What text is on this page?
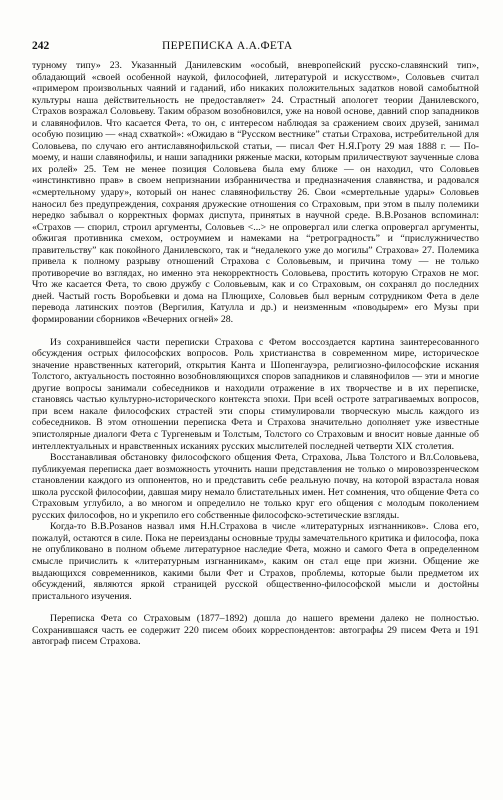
242	ПЕРЕПИСКА А.А.ФЕТА

турному типу» 23. Указанный Данилевским «особый, вневропейский русско-славянский тип», обладающий «своей особенной наукой, философией, литературой и искусством», Соловьев считал «примером произвольных чаяний и гаданий, ибо никаких положительных задатков новой самобытной культуры наша действительность не предоставляет» 24. Страстный апологет теории Данилевского, Страхов возражал Соловьеву. Таким образом возобновился, уже на новой основе, давний спор западников и славянофилов. Что касается Фета, то он, с интересом наблюдая за сражением своих друзей, занимал особую позицию — «над схваткой»: «Ожидаю в “Русском вестнике” статьи Страхова, истребительной для Соловьева, по случаю его антиславянофильской статьи, — писал Фет Н.Я.Гроту 29 мая 1888 г. — По-моему, и наши славянофилы, и наши западники ряженые маски, которым приличествуют заученные слова их ролей» 25. Тем не менее позиция Соловьева была ему ближе — он находил, что Соловьев «инстинктивно прав» в своем непризнании избранничества и предназначения славянства, и радовался «смертельному удару», который он нанес славянофильству 26. Свои «смертельные удары» Соловьев наносил без предупреждения, сохраняя дружеские отношения со Страховым, при этом в пылу полемики нередко забывал о корректных формах диспута, принятых в научной среде. В.В.Розанов вспоминал: «Страхов — спорил, строил аргументы, Соловьев <...> не опровергал или слегка опровергал аргументы, обжигая противника смехом, остроумием и намеками на “ретроградность” и “прислужничество правительству” как покойного Данилевского, так и “недалекого уже до могилы” Страхова» 27. Полемика привела к полному разрыву отношений Страхова с Соловьевым, и причина тому — не только противоречие во взглядах, но именно эта некорректность Соловьева, простить которую Страхов не мог. Что же касается Фета, то свою дружбу с Соловьевым, как и со Страховым, он сохранял до последних дней. Частый гость Воробьевки и дома на Плющихе, Соловьев был верным сотрудником Фета в деле перевода латинских поэтов (Вергилия, Катулла и др.) и неизменным «поводырем» его Музы при формировании сборников «Вечерних огней» 28.

Из сохранившейся части переписки Страхова с Фетом воссоздается картина заинтересованного обсуждения острых философских вопросов. Роль христианства в современном мире, историческое значение нравственных категорий, открытия Канта и Шопенгауэра, религиозно-философские искания Толстого, актуальность постоянно возобновляющихся споров западников и славянофилов — эти и многие другие вопросы занимали собеседников и находили отражение в их творчестве и в их переписке, становясь частью культурно-исторического контекста эпохи. При всей остроте затрагиваемых вопросов, при всем накале философских страстей эти споры стимулировали творческую мысль каждого из собеседников. В этом отношении переписка Фета и Страхова значительно дополняет уже известные эпистолярные диалоги Фета с Тургеневым и Толстым, Толстого со Страховым и вносит новые данные об интеллектуальных и нравственных исканиях русских мыслителей последней четверти XIX столетия.

Восстанавливая обстановку философского общения Фета, Страхова, Льва Толстого и Вл.Соловьева, публикуемая переписка дает возможность уточнить наши представления не только о мировоззренческом становлении каждого из оппонентов, но и представить себе реальную почву, на которой взрастала новая школа русской философии, давшая миру немало блистательных имен. Нет сомнения, что общение Фета со Страховым углубило, а во многом и определило не только круг его общения с молодым поколением русских философов, но и укрепило его собственные философско-эстетические взгляды.

Когда-то В.В.Розанов назвал имя Н.Н.Страхова в числе «литературных изгнанников». Слова его, пожалуй, остаются в силе. Пока не переизданы основные труды замечательного критика и философа, пока не опубликовано в полном объеме литературное наследие Фета, можно и самого Фета в определенном смысле причислить к «литературным изгнанникам», каким он стал еще при жизни. Общение же выдающихся современников, какими были Фет и Страхов, проблемы, которые были предметом их обсуждений, являются яркой страницей русской общественно-философской мысли и достойны пристального изучения.

Переписка Фета со Страховым (1877–1892) дошла до нашего времени далеко не полностью. Сохранившаяся часть ее содержит 220 писем обоих корреспондентов: автографы 29 писем Фета и 191 автограф писем Страхова.
